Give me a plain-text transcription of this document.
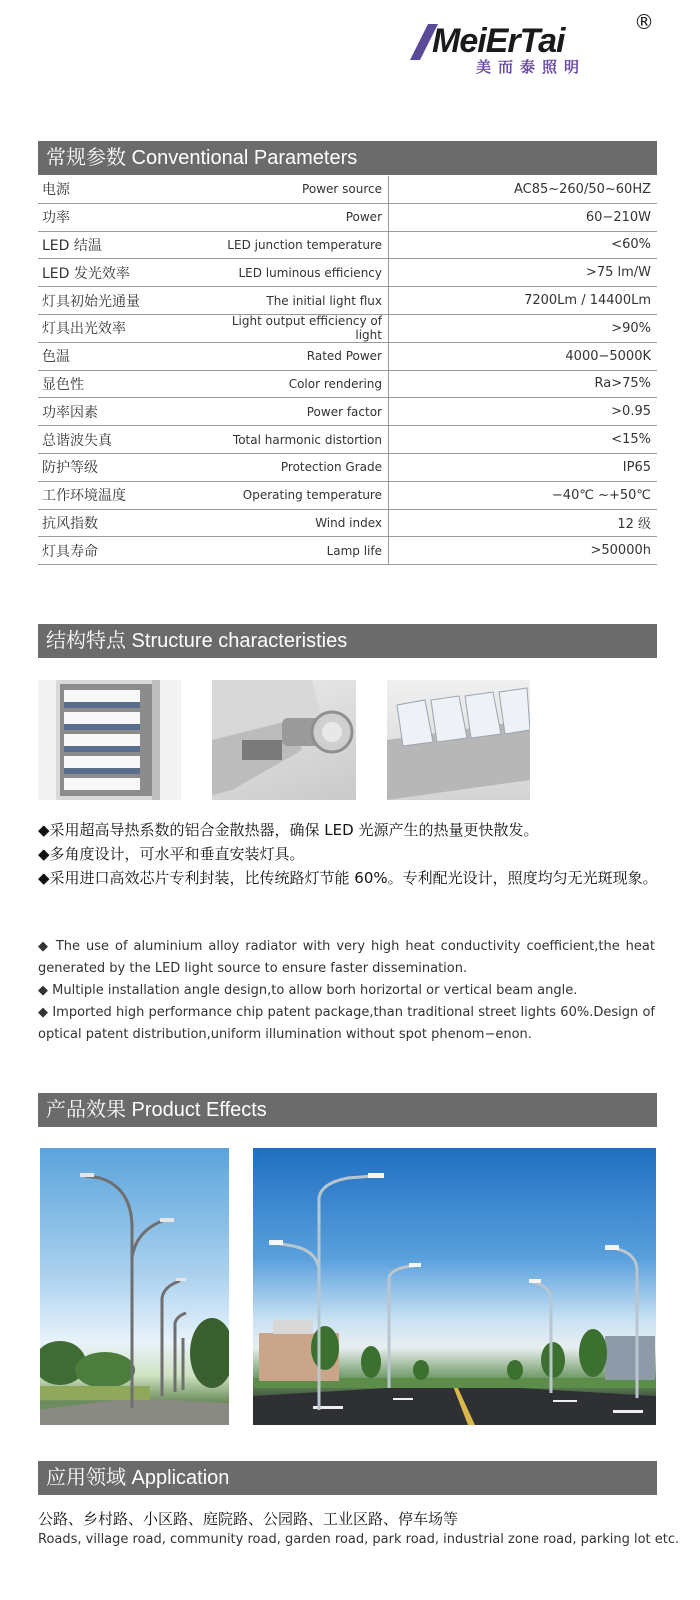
MeiErTai
美而泰照明
®
常规参数 Conventional Parameters
电源	Power source	AC85~260/50~60HZ
功率	Power	60−210W
LED 结温	LED junction temperature	<60%
LED 发光效率	LED luminous efficiency	>75 lm/W
灯具初始光通量	The initial light flux	7200Lm / 14400Lm
灯具出光效率	Light output efficiency of light	>90%
色温	Rated Power	4000−5000K
显色性	Color rendering	Ra>75%
功率因素	Power factor	>0.95
总谐波失真	Total harmonic distortion	<15%
防护等级	Protection Grade	IP65
工作环境温度	Operating temperature	−40℃ ~+50℃
抗风指数	Wind index	12 级
灯具寿命	Lamp life	>50000h
结构特点 Structure characteristies

◆采用超高导热系数的铝合金散热器，确保 LED 光源产生的热量更快散发。

◆多角度设计，可水平和垂直安装灯具。

◆采用进口高效芯片专利封装，比传统路灯节能 60%。专利配光设计，照度均匀无光斑现象。

◆ The use of aluminium alloy radiator with very high heat conductivity coefficient,the heat generated by the LED light source to ensure faster dissemination.

◆ Multiple installation angle design,to allow borh horizortal or vertical beam angle.

◆ Imported high performance chip patent package,than traditional street lights 60%.Design of optical patent distribution,uniform illumination without spot phenom−enon.

产品效果 Product Effects
应用领域 Application
公路、乡村路、小区路、庭院路、公园路、工业区路、停车场等
Roads, village road, community road, garden road, park road, industrial zone road, parking lot etc.
